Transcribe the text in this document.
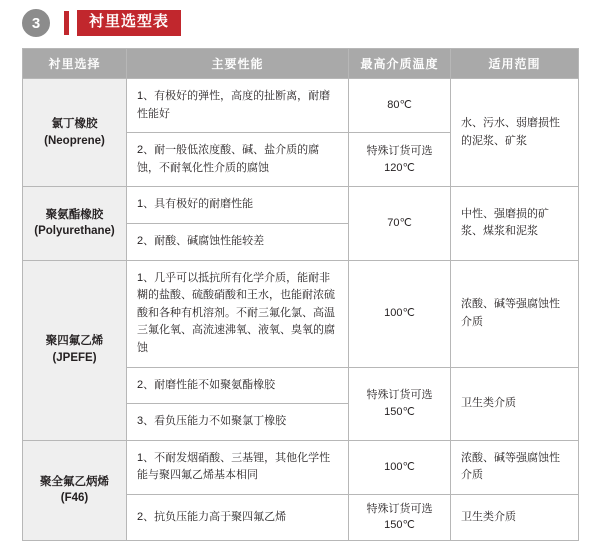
3	衬里选型表
衬里选择	主要性能	最高介质温度	适用范围

氯丁橡胶
(Neoprene)	1、有极好的弹性，高度的扯断离，耐磨性能好	80℃	水、污水、弱磨损性的泥浆、矿浆
	2、耐一般低浓度酸、碱、盐介质的腐蚀，不耐氧化性介质的腐蚀	特殊订货可选
120℃	

聚氨酯橡胶
(Polyurethane)	1、具有极好的耐磨性能	70℃	中性、强磨损的矿浆、煤浆和泥浆
	2、耐酸、碱腐蚀性能较差		

聚四氟乙烯
(JPEFE)	1、几乎可以抵抗所有化学介质，能耐非糊的盐酸、硫酸硝酸和王水，也能耐浓硫酸和各种有机溶剂。不耐三氟化氯、高温三氟化氧、高流速沸氧、液氧、臭氧的腐蚀	100℃	浓酸、碱等强腐蚀性介质
	2、耐磨性能不如聚氨酯橡胶	特殊订货可选
150℃	卫生类介质
	3、看负压能力不如聚氯丁橡胶		

聚全氟乙炳烯
(F46)	1、不耐发烟硝酸、三基锂，其他化学性能与聚四氟乙烯基本相同	100℃	浓酸、碱等强腐蚀性介质
	2、抗负压能力高于聚四氟乙烯	特殊订货可选
150℃	卫生类介质
